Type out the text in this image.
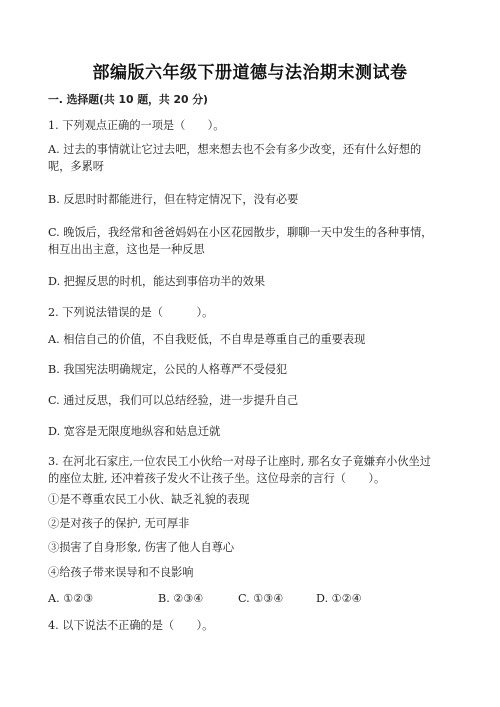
部编版六年级下册道德与法治期末测试卷
一. 选择题(共 10 题，共 20 分)
1. 下列观点正确的一项是（　　）。
A. 过去的事情就让它过去吧，想来想去也不会有多少改变，还有什么好想的
呢，多累呀
B. 反思时时都能进行，但在特定情况下，没有必要
C. 晚饭后，我经常和爸爸妈妈在小区花园散步，聊聊一天中发生的各种事情，
相互出出主意，这也是一种反思
D. 把握反思的时机，能达到事倍功半的效果
2. 下列说法错误的是（　　　）。
A. 相信自己的价值，不自我贬低，不自卑是尊重自己的重要表现
B. 我国宪法明确规定，公民的人格尊严不受侵犯
C. 通过反思，我们可以总结经验，进一步提升自己
D. 宽容是无限度地纵容和姑息迁就
3. 在河北石家庄,一位农民工小伙给一对母子让座时, 那名女子竟嫌弃小伙坐过
的座位太脏, 还冲着孩子发火不让孩子坐。这位母亲的言行（　　）。
①是不尊重农民工小伙、缺乏礼貌的表现
②是对孩子的保护, 无可厚非
③损害了自身形象, 伤害了他人自尊心
④给孩子带来误导和不良影响
A. ①②③	B. ②③④	C. ①③④	D. ①②④
4. 以下说法不正确的是（　　）。
